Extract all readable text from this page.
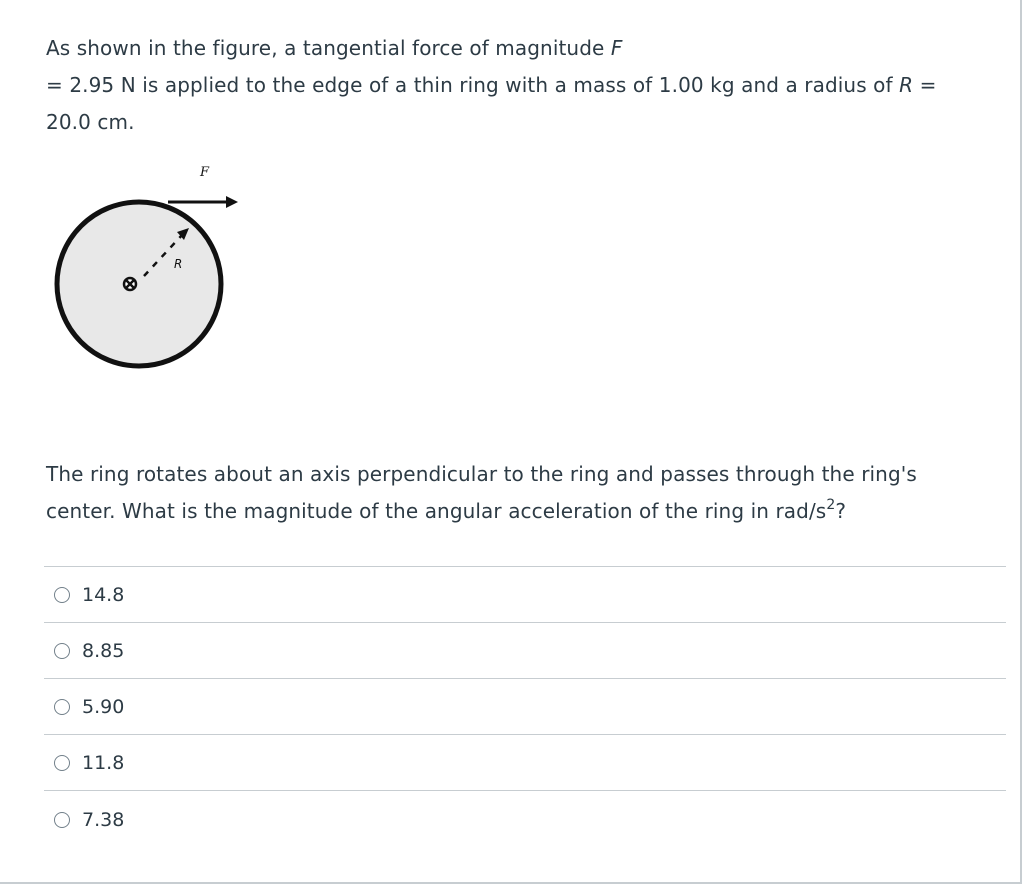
As shown in the figure, a tangential force of magnitude F
= 2.95 N is applied to the edge of a thin ring with a mass of 1.00 kg and a radius of R =
20.0 cm.

F
R

The ring rotates about an axis perpendicular to the ring and passes through the ring's
center. What is the magnitude of the angular acceleration of the ring in rad/$s^2$?

14.8
8.85
5.90
11.8
7.38
